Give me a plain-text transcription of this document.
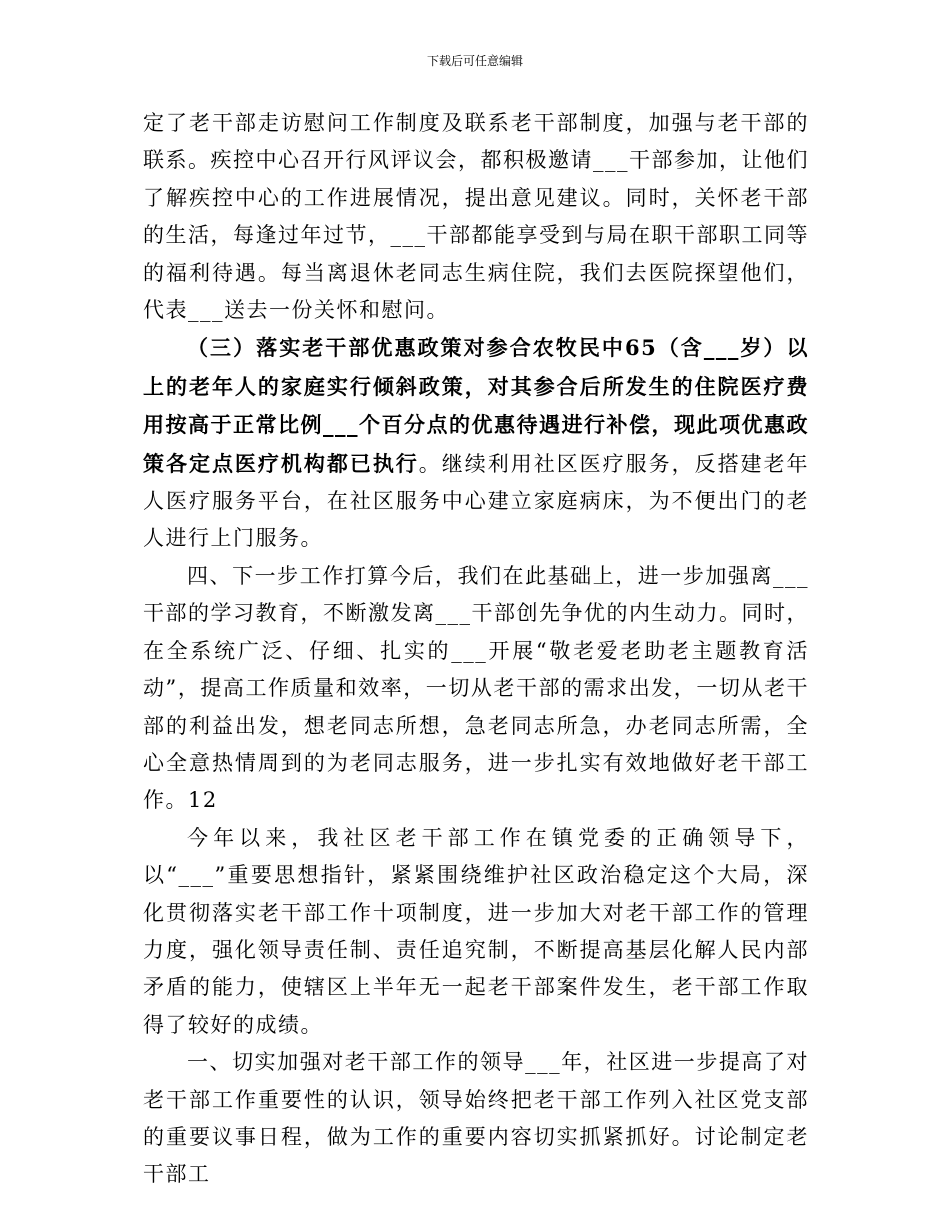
下载后可任意编辑

定了老干部走访慰问工作制度及联系老干部制度，加强与老干部的联系。疾控中心召开行风评议会，都积极邀请___干部参加，让他们了解疾控中心的工作进展情况，提出意见建议。同时，关怀老干部的生活，每逢过年过节，___干部都能享受到与局在职干部职工同等的福利待遇。每当离退休老同志生病住院，我们去医院探望他们，代表___送去一份关怀和慰问。

（三）落实老干部优惠政策对参合农牧民中65（含___岁）以上的老年人的家庭实行倾斜政策，对其参合后所发生的住院医疗费用按高于正常比例___个百分点的优惠待遇进行补偿，现此项优惠政策各定点医疗机构都已执行。继续利用社区医疗服务，反搭建老年人医疗服务平台，在社区服务中心建立家庭病床，为不便出门的老人进行上门服务。

四、下一步工作打算今后，我们在此基础上，进一步加强离___干部的学习教育，不断激发离___干部创先争优的内生动力。同时，在全系统广泛、仔细、扎实的___开展“敬老爱老助老主题教育活动”，提高工作质量和效率，一切从老干部的需求出发，一切从老干部的利益出发，想老同志所想，急老同志所急，办老同志所需，全心全意热情周到的为老同志服务，进一步扎实有效地做好老干部工作。12

今年以来，我社区老干部工作在镇党委的正确领导下，以“___”重要思想指针，紧紧围绕维护社区政治稳定这个大局，深化贯彻落实老干部工作十项制度，进一步加大对老干部工作的管理力度，强化领导责任制、责任追究制，不断提高基层化解人民内部矛盾的能力，使辖区上半年无一起老干部案件发生，老干部工作取得了较好的成绩。

一、切实加强对老干部工作的领导___年，社区进一步提高了对老干部工作重要性的认识，领导始终把老干部工作列入社区党支部的重要议事日程，做为工作的重要内容切实抓紧抓好。讨论制定老干部工
